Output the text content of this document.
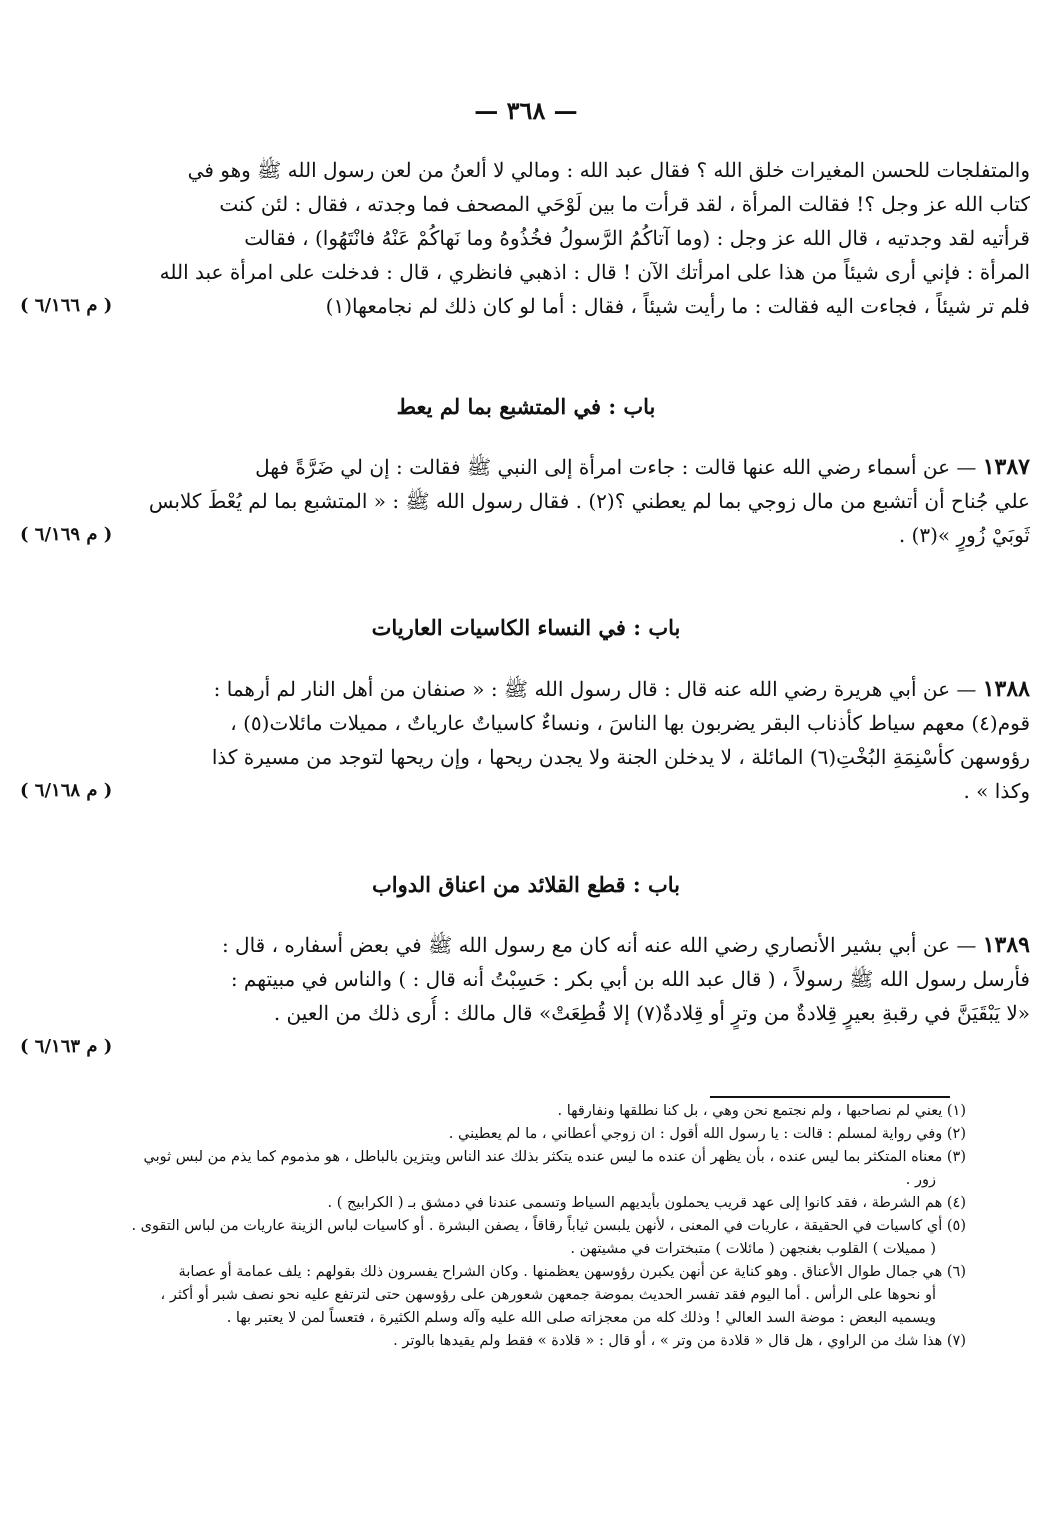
— ٣٦٨ —
والمتفلجات للحسن المغيرات خلق الله ؟ فقال عبد الله : ومالي لا ألعنُ من لعن رسول الله ﷺ وهو في
كتاب الله عز وجل ؟! فقالت المرأة ، لقد قرأت ما بين لَوْحَي المصحف فما وجدته ، فقال : لئن كنت
قرأتيه لقد وجدتيه ، قال الله عز وجل : (وما آتاكُمُ الرَّسولُ فخُذُوهُ وما نَهاكُمْ عَنْهُ فانْتَهُوا) ، فقالت
المرأة : فإني أرى شيئاً من هذا على امرأتك الآن ! قال : اذهبي فانظري ، قال : فدخلت على امرأة عبد الله
فلم تر شيئاً ، فجاءت اليه فقالت : ما رأيت شيئاً ، فقال : أما لو كان ذلك لم نجامعها(١)
( م ٦/١٦٦ )
باب : في المتشبع بما لم يعط
١٣٨٧ — عن أسماء رضي الله عنها قالت : جاءت امرأة إلى النبي ﷺ فقالت : إن لي ضَرَّةً فهل
علي جُناح أن أتشبع من مال زوجي بما لم يعطني ؟(٢) . فقال رسول الله ﷺ : « المتشبع بما لم يُعْطَ كلابس
ثَوبَيْ زُورٍ »(٣) .
( م ٦/١٦٩ )
باب : في النساء الكاسيات العاريات
١٣٨٨ — عن أبي هريرة رضي الله عنه قال : قال رسول الله ﷺ : « صنفان من أهل النار لم أرهما :
قوم(٤) معهم سياط كأذناب البقر يضربون بها الناسَ ، ونساءٌ كاسياتٌ عارياتٌ ، مميلات مائلات(٥) ،
رؤوسهن كأسْنِمَةِ البُخْتِ(٦) المائلة ، لا يدخلن الجنة ولا يجدن ريحها ، وإن ريحها لتوجد من مسيرة كذا
وكذا » .
( م ٦/١٦٨ )
باب : قطع القلائد من اعناق الدواب
١٣٨٩ — عن أبي بشير الأنصاري رضي الله عنه أنه كان مع رسول الله ﷺ في بعض أسفاره ، قال :
فأرسل رسول الله ﷺ رسولاً ، ( قال عبد الله بن أبي بكر : حَسِبْتُ أنه قال : ) والناس في مبيتهم :
«لا يَبْقَيَنَّ في رقبةِ بعيرٍ قِلادةٌ من وترٍ أو قِلادةٌ(٧) إلا قُطِعَتْ» قال مالك : أُرى ذلك من العين .
( م ٦/١٦٣ )
(١) يعني لم نصاحبها ، ولم نجتمع نحن وهي ، بل كنا نطلقها ونفارقها .
(٢) وفي رواية لمسلم : قالت : يا رسول الله أقول : ان زوجي أعطاني ، ما لم يعطيني .
(٣) معناه المتكثر بما ليس عنده ، بأن يظهر أن عنده ما ليس عنده يتكثر بذلك عند الناس ويتزين بالباطل ، هو مذموم كما يذم من لبس ثوبي
زور .
(٤) هم الشرطة ، فقد كانوا إلى عهد قريب يحملون بأيديهم السياط وتسمى عندنا في دمشق بـ ( الكرابيج ) .
(٥) أي كاسيات في الحقيقة ، عاريات في المعنى ، لأنهن يلبسن ثياباً رقاقاً ، يصفن البشرة . أو كاسيات لباس الزينة عاريات من لباس التقوى .
( مميلات ) القلوب بغنجهن ( مائلات ) متبخترات في مشيتهن .
(٦) هي جمال طوال الأعناق . وهو كناية عن أنهن يكبرن رؤوسهن يعظمنها . وكان الشراح يفسرون ذلك بقولهم : يلف عمامة أو عصابة
أو نحوها على الرأس . أما اليوم فقد تفسر الحديث بموضة جمعهن شعورهن على رؤوسهن حتى لترتفع عليه نحو نصف شبر أو أكثر ،
ويسميه البعض : موضة السد العالي ! وذلك كله من معجزاته صلى الله عليه وآله وسلم الكثيرة ، فتعساً لمن لا يعتبر بها .
(٧) هذا شك من الراوي ، هل قال « قلادة من وتر » ، أو قال : « قلادة » فقط ولم يقيدها بالوتر .
